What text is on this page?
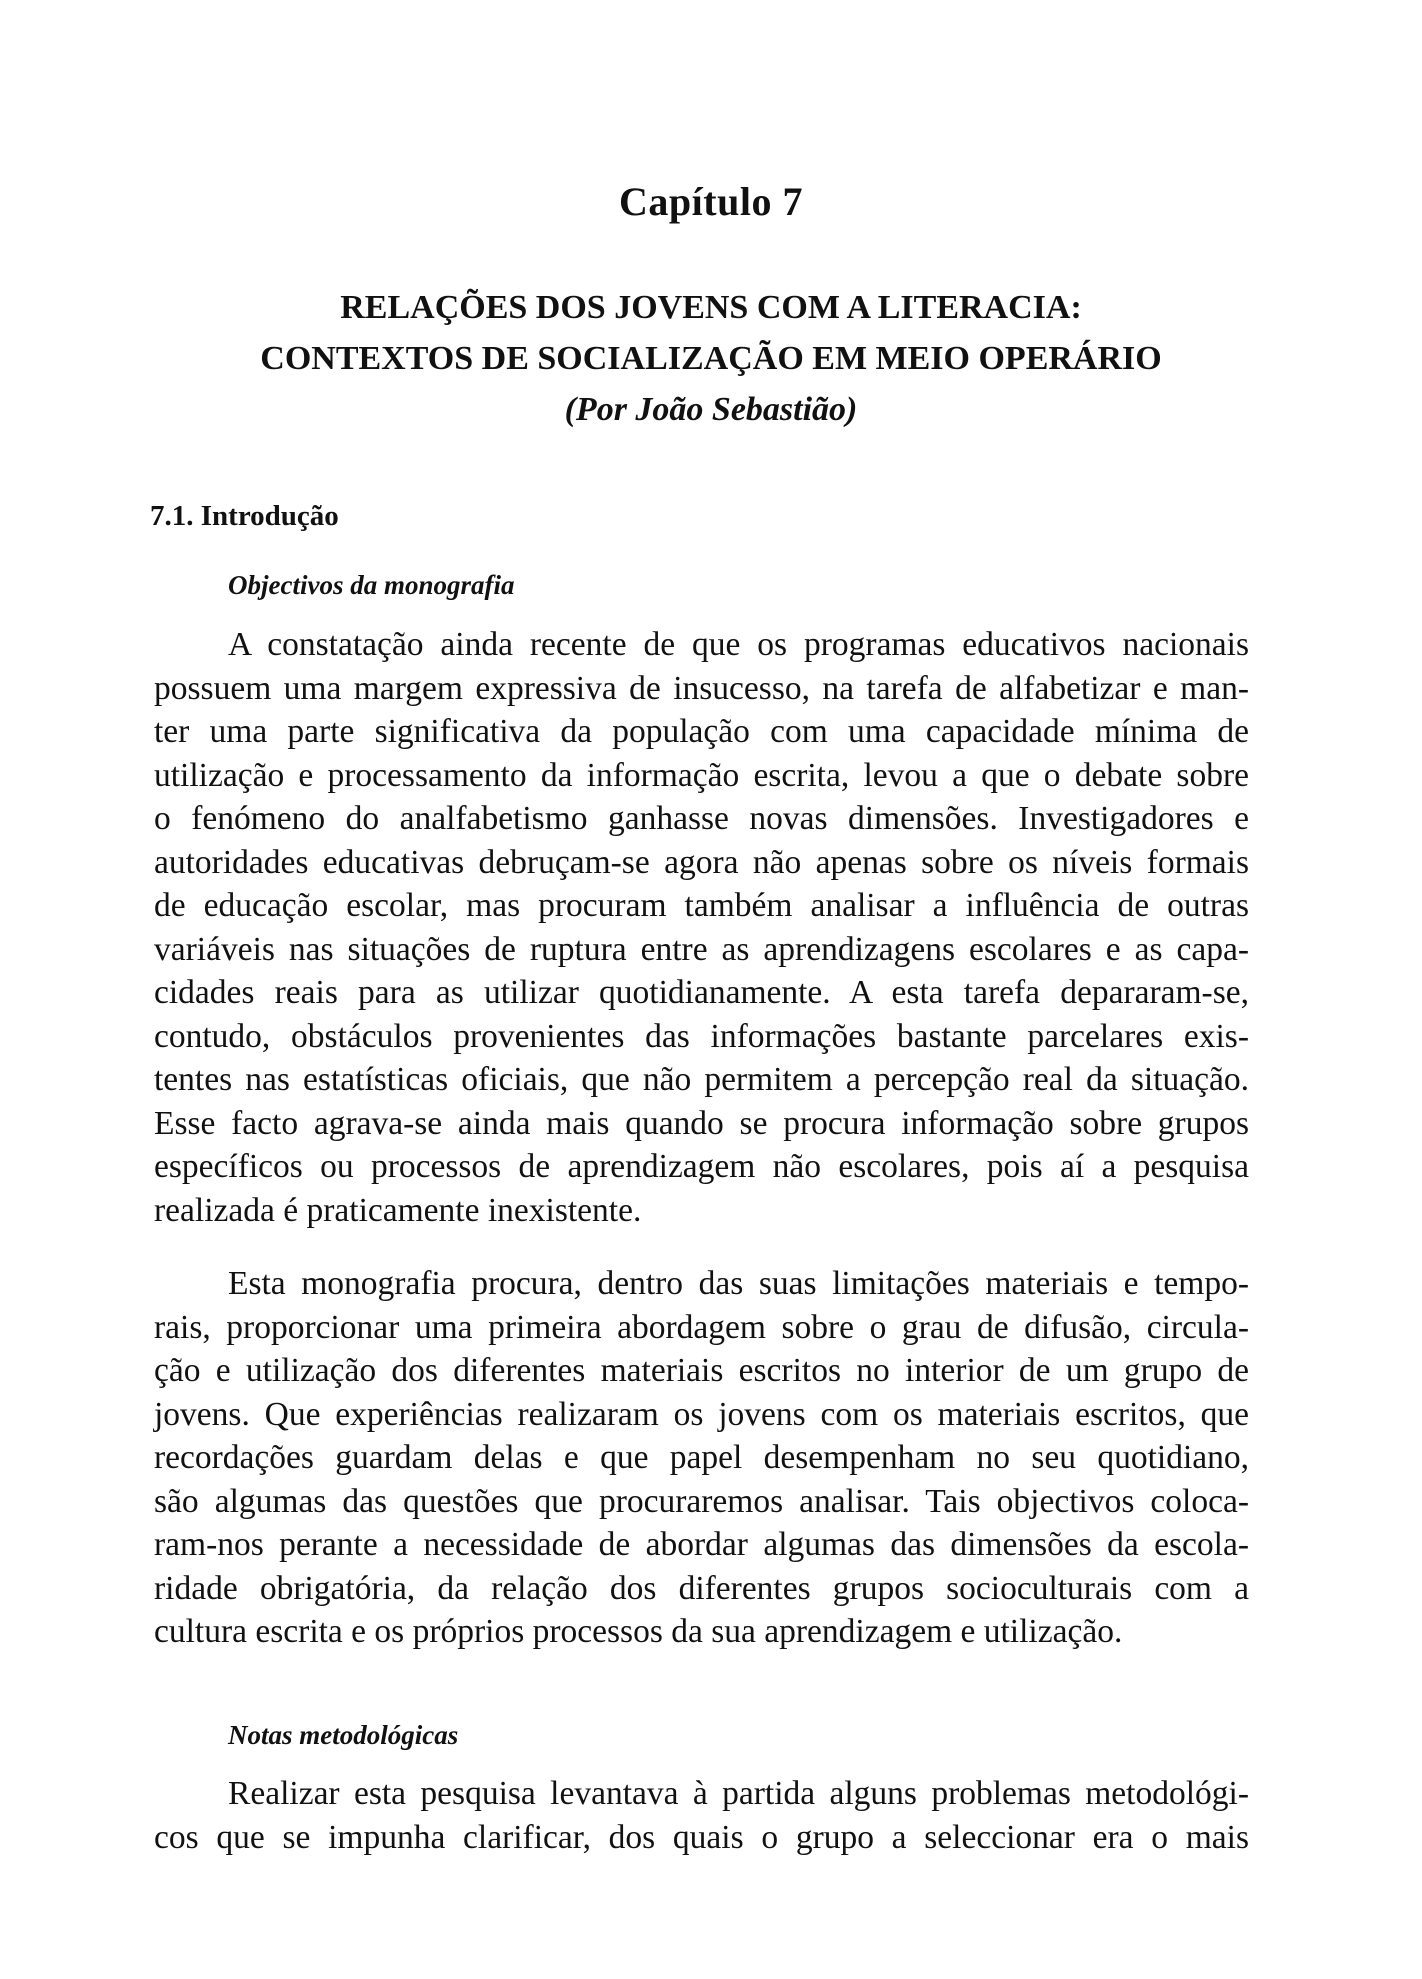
Capítulo 7
RELAÇÕES DOS JOVENS COM A LITERACIA:
CONTEXTOS DE SOCIALIZAÇÃO EM MEIO OPERÁRIO
(Por João Sebastião)
7.1. Introdução
Objectivos da monografia
A constatação ainda recente de que os programas educativos nacionais
possuem uma margem expressiva de insucesso, na tarefa de alfabetizar e man-
ter uma parte significativa da população com uma capacidade mínima de
utilização e processamento da informação escrita, levou a que o debate sobre
o fenómeno do analfabetismo ganhasse novas dimensões. Investigadores e
autoridades educativas debruçam-se agora não apenas sobre os níveis formais
de educação escolar, mas procuram também analisar a influência de outras
variáveis nas situações de ruptura entre as aprendizagens escolares e as capa-
cidades reais para as utilizar quotidianamente. A esta tarefa depararam-se,
contudo, obstáculos provenientes das informações bastante parcelares exis-
tentes nas estatísticas oficiais, que não permitem a percepção real da situação.
Esse facto agrava-se ainda mais quando se procura informação sobre grupos
específicos ou processos de aprendizagem não escolares, pois aí a pesquisa
realizada é praticamente inexistente.
Esta monografia procura, dentro das suas limitações materiais e tempo-
rais, proporcionar uma primeira abordagem sobre o grau de difusão, circula-
ção e utilização dos diferentes materiais escritos no interior de um grupo de
jovens. Que experiências realizaram os jovens com os materiais escritos, que
recordações guardam delas e que papel desempenham no seu quotidiano,
são algumas das questões que procuraremos analisar. Tais objectivos coloca-
ram-nos perante a necessidade de abordar algumas das dimensões da escola-
ridade obrigatória, da relação dos diferentes grupos socioculturais com a
cultura escrita e os próprios processos da sua aprendizagem e utilização.
Notas metodológicas
Realizar esta pesquisa levantava à partida alguns problemas metodológi-
cos que se impunha clarificar, dos quais o grupo a seleccionar era o mais
